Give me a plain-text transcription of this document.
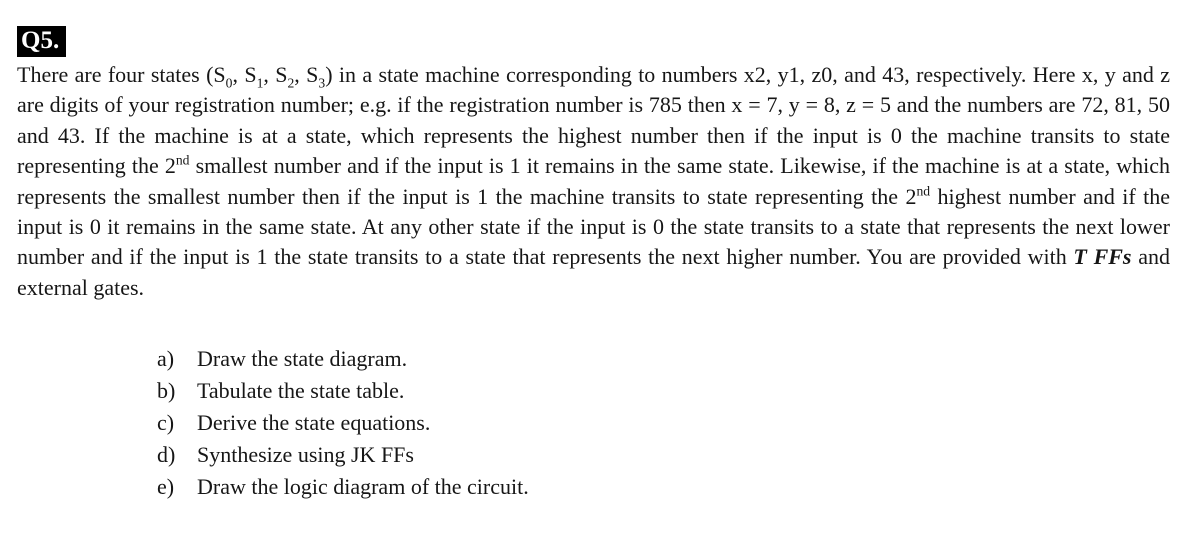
Q5.
There are four states ($S_0$, $S_1$, $S_2$, $S_3$) in a state machine corresponding to numbers x2, y1, z0, and 43, respectively. Here x, y and z are digits of your registration number; e.g. if the registration number is 785 then x = 7, y = 8, z = 5 and the numbers are 72, 81, 50 and 43. If the machine is at a state, which represents the highest number then if the input is 0 the machine transits to state representing the 2nd smallest number and if the input is 1 it remains in the same state. Likewise, if the machine is at a state, which represents the smallest number then if the input is 1 the machine transits to state representing the 2nd highest number and if the input is 0 it remains in the same state. At any other state if the input is 0 the state transits to a state that represents the next lower number and if the input is 1 the state transits to a state that represents the next higher number. You are provided with T FFs and external gates.
a)	Draw the state diagram.
b) Tabulate the state table.
c)	Derive the state equations.
d) Synthesize using JK FFs
e)	Draw the logic diagram of the circuit.
